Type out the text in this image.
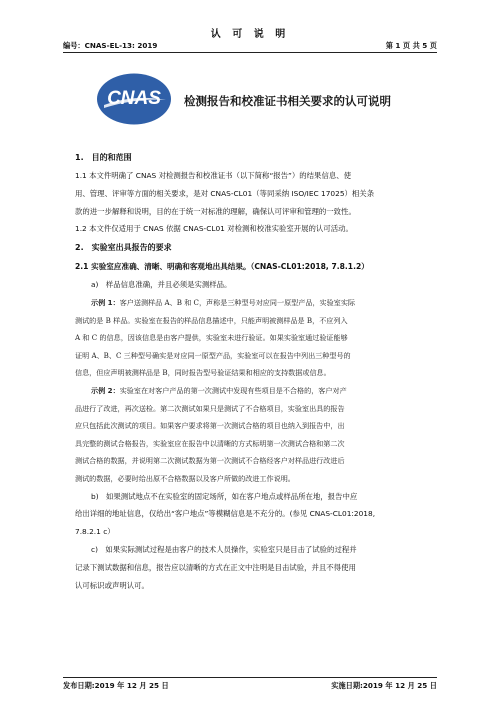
认 可 说 明
编号：CNAS-EL-13: 2019	第 1 页 共 5 页
CNAS 检测报告和校准证书相关要求的认可说明
1.　目的和范围
1.1 本文件明确了 CNAS 对检测报告和校准证书（以下简称“报告”）的结果信息、使
用、管理、评审等方面的相关要求，是对 CNAS-CL01（等同采纳 ISO/IEC 17025）相关条
款的进一步解释和说明，目的在于统一对标准的理解，确保认可评审和管理的一致性。
1.2 本文件仅适用于 CNAS 依据 CNAS-CL01 对检测和校准实验室开展的认可活动。
2.　实验室出具报告的要求
2.1 实验室应准确、清晰、明确和客观地出具结果。（CNAS-CL01:2018, 7.8.1.2）
a)　样品信息准确，并且必须是实测样品。
示例 1：客户送测样品 A、B 和 C，声称是三种型号对应同一原型产品，实验室实际
测试的是 B 样品。实验室在报告的样品信息描述中，只能声明被测样品是 B，不应列入
A 和 C 的信息，因该信息是由客户提供，实验室未进行验证。如果实验室通过验证能够
证明 A、B、C 三种型号确实是对应同一原型产品，实验室可以在报告中列出三种型号的
信息，但应声明被测样品是 B，同时报告型号验证结果和相应的支持数据或信息。
示例 2：实验室在对客户产品的第一次测试中发现有些项目是不合格的，客户对产
品进行了改进，再次送检。第二次测试如果只是测试了不合格项目，实验室出具的报告
应只包括此次测试的项目。如果客户要求将第一次测试合格的项目也纳入到报告中，出
具完整的测试合格报告，实验室应在报告中以清晰的方式标明第一次测试合格和第二次
测试合格的数据，并说明第二次测试数据为第一次测试不合格经客户对样品进行改进后
测试的数据，必要时给出原不合格数据以及客户所做的改进工作说明。
b)　如果测试地点不在实验室的固定场所，如在客户地点或样品所在地，报告中应
给出详细的地址信息，仅给出“客户地点”等模糊信息是不充分的。(参见 CNAS-CL01:2018,
7.8.2.1 c）
c)　如果实际测试过程是由客户的技术人员操作，实验室只是目击了试验的过程并
记录下测试数据和信息，报告应以清晰的方式在正文中注明是目击试验，并且不得使用
认可标识或声明认可。
发布日期:2019 年 12 月 25 日	实施日期:2019 年 12 月 25 日
